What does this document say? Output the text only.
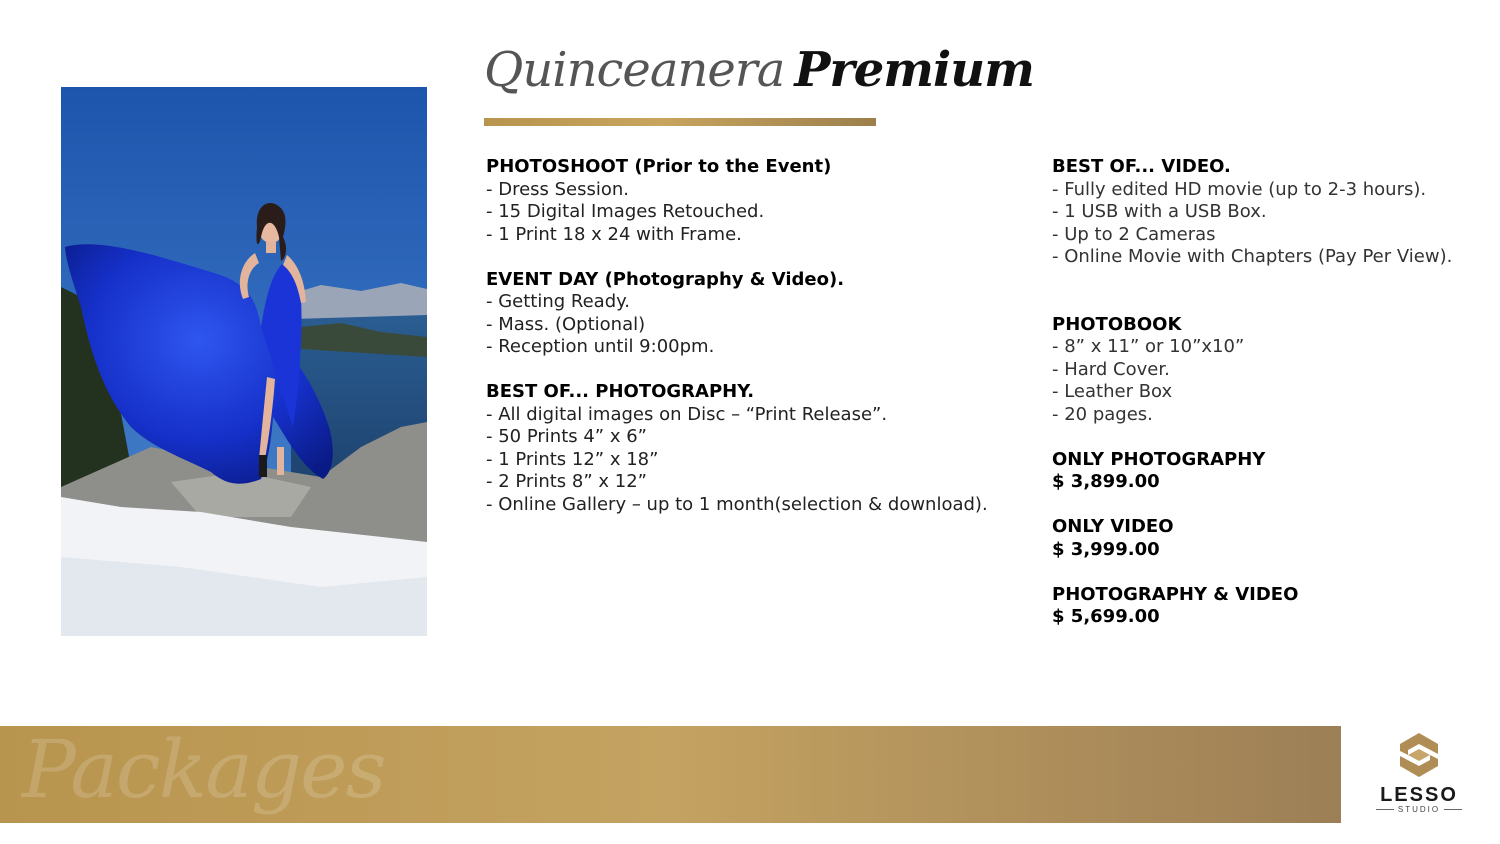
Quinceanera Premium
PHOTOSHOOT (Prior to the Event)
- Dress Session.
- 15 Digital Images Retouched.
- 1 Print 18 x 24 with Frame.
EVENT DAY (Photography & Video).
- Getting Ready.
- Mass. (Optional)
- Reception until 9:00pm.
BEST OF... PHOTOGRAPHY.
- All digital images on Disc – “Print Release”.
- 50 Prints 4” x 6”
- 1 Prints 12” x 18”
- 2 Prints 8” x 12”
- Online Gallery – up to 1 month(selection & download).
BEST OF... VIDEO.
- Fully edited HD movie (up to 2-3 hours).
- 1 USB with a USB Box.
- Up to 2 Cameras
- Online Movie with Chapters (Pay Per View).
PHOTOBOOK
- 8” x 11” or 10”x10”
- Hard Cover.
- Leather Box
- 20 pages.
ONLY PHOTOGRAPHY
$ 3,899.00
ONLY VIDEO
$ 3,999.00
PHOTOGRAPHY & VIDEO
$ 5,699.00
Packages	LESSO
STUDIO
